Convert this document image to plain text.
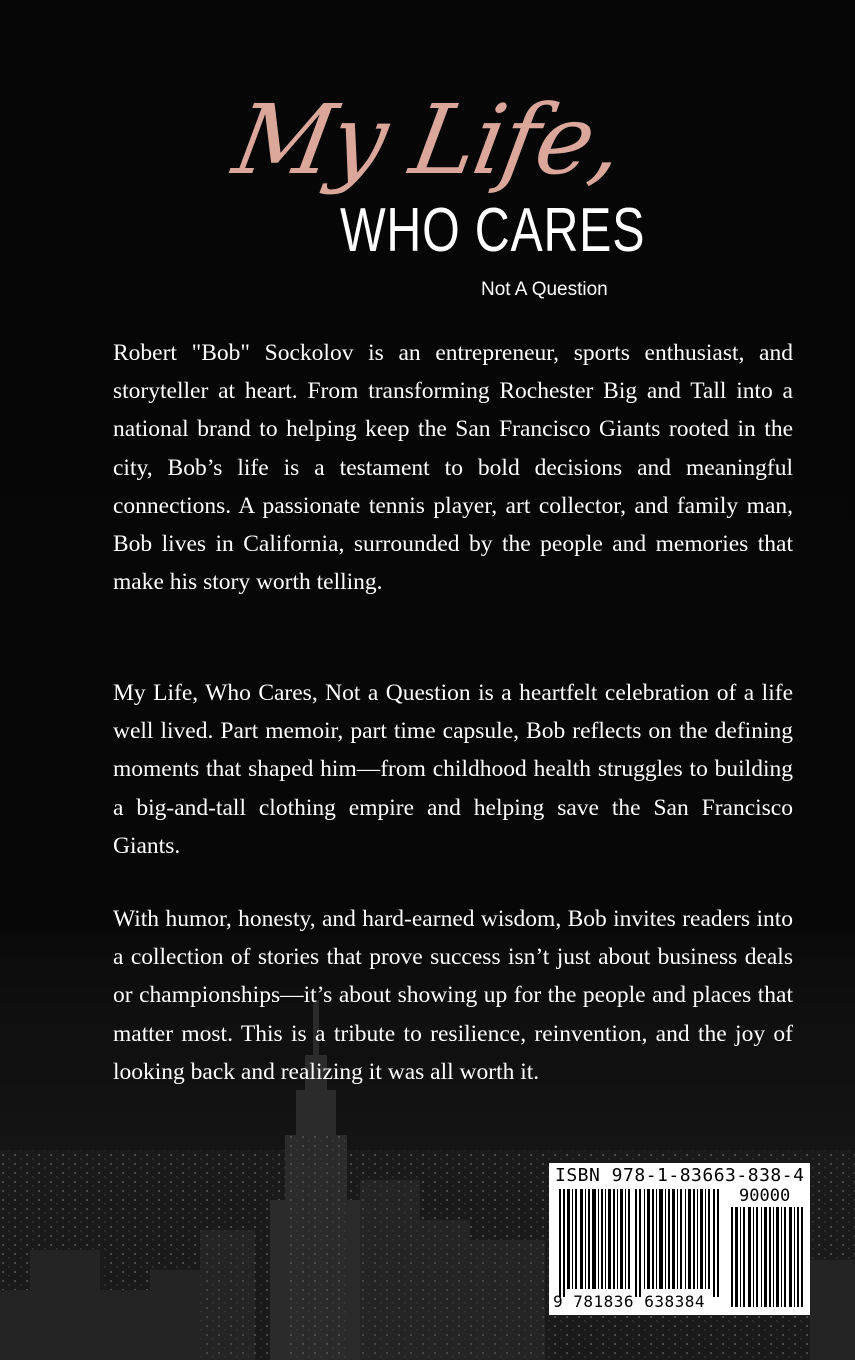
My Life,
WHO CARES
Not A Question

Robert "Bob" Sockolov is an entrepreneur, sports enthusiast, and storyteller at heart. From transforming Rochester Big and Tall into a national brand to helping keep the San Francisco Giants rooted in the city, Bob’s life is a testament to bold decisions and meaningful connections. A passionate tennis player, art collector, and family man, Bob lives in California, surrounded by the people and memories that make his story worth telling.

My Life, Who Cares, Not a Question is a heartfelt celebration of a life well lived. Part memoir, part time capsule, Bob reflects on the defining moments that shaped him—from childhood health struggles to building a big-and-tall clothing empire and helping save the San Francisco Giants.

With humor, honesty, and hard-earned wisdom, Bob invites readers into a collection of stories that prove success isn’t just about business deals or championships—it’s about showing up for the people and places that matter most. This is a tribute to resilience, reinvention, and the joy of looking back and realizing it was all worth it.

ISBN 978-1-83663-838-4
90000
9 781836 638384
